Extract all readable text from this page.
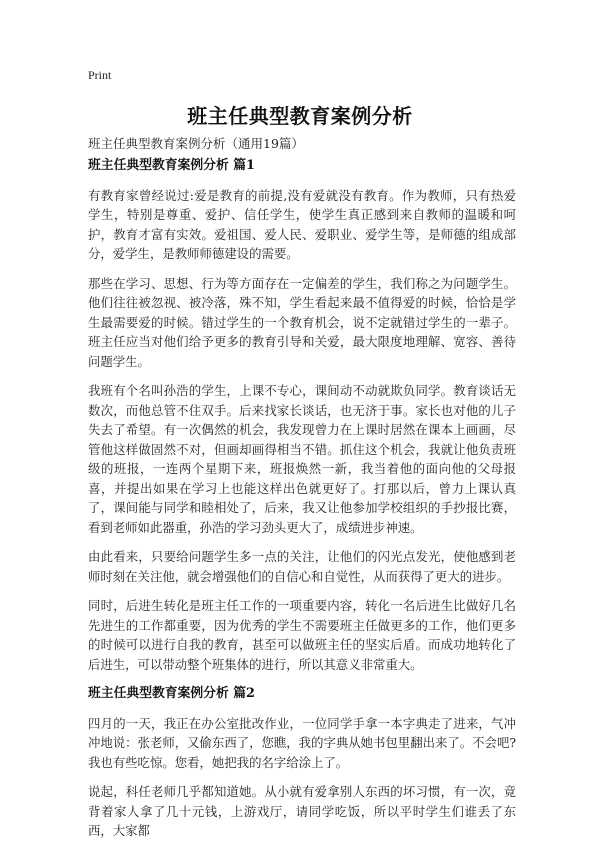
Print
班主任典型教育案例分析
班主任典型教育案例分析（通用19篇）
班主任典型教育案例分析 篇1

有教育家曾经说过:爱是教育的前提,没有爱就没有教育。作为教师，只有热爱学生，特别是尊重、爱护、信任学生，使学生真正感到来自教师的温暖和呵护，教育才富有实效。爱祖国、爱人民、爱职业、爱学生等，是师德的组成部分，爱学生，是教师师德建设的需要。

那些在学习、思想、行为等方面存在一定偏差的学生，我们称之为问题学生。他们往往被忽视、被冷落，殊不知，学生看起来最不值得爱的时候，恰恰是学生最需要爱的时候。错过学生的一个教育机会，说不定就错过学生的一辈子。班主任应当对他们给予更多的教育引导和关爱，最大限度地理解、宽容、善待问题学生。

我班有个名叫孙浩的学生，上课不专心，课间动不动就欺负同学。教育谈话无数次，而他总管不住双手。后来找家长谈话，也无济于事。家长也对他的儿子失去了希望。有一次偶然的机会，我发现曾力在上课时居然在课本上画画，尽管他这样做固然不对，但画却画得相当不错。抓住这个机会，我就让他负责班级的班报，一连两个星期下来，班报焕然一新，我当着他的面向他的父母报喜，并提出如果在学习上也能这样出色就更好了。打那以后，曾力上课认真了，课间能与同学和睦相处了，后来，我又让他参加学校组织的手抄报比赛，看到老师如此器重，孙浩的学习劲头更大了，成绩进步神速。

由此看来，只要给问题学生多一点的关注，让他们的闪光点发光，使他感到老师时刻在关注他，就会增强他们的自信心和自觉性，从而获得了更大的进步。

同时，后进生转化是班主任工作的一项重要内容，转化一名后进生比做好几名先进生的工作都重要，因为优秀的学生不需要班主任做更多的工作，他们更多的时候可以进行自我的教育，甚至可以做班主任的坚实后盾。而成功地转化了后进生，可以带动整个班集体的进行，所以其意义非常重大。

班主任典型教育案例分析 篇2

四月的一天，我正在办公室批改作业，一位同学手拿一本字典走了进来，气冲冲地说：张老师，又偷东西了，您瞧，我的字典从她书包里翻出来了。不会吧?我也有些吃惊。您看，她把我的名字给涂上了。

说起，科任老师几乎都知道她。从小就有爱拿别人东西的坏习惯，有一次，竟背着家人拿了几十元钱，上游戏厅，请同学吃饭，所以平时学生们谁丢了东西，大家都
